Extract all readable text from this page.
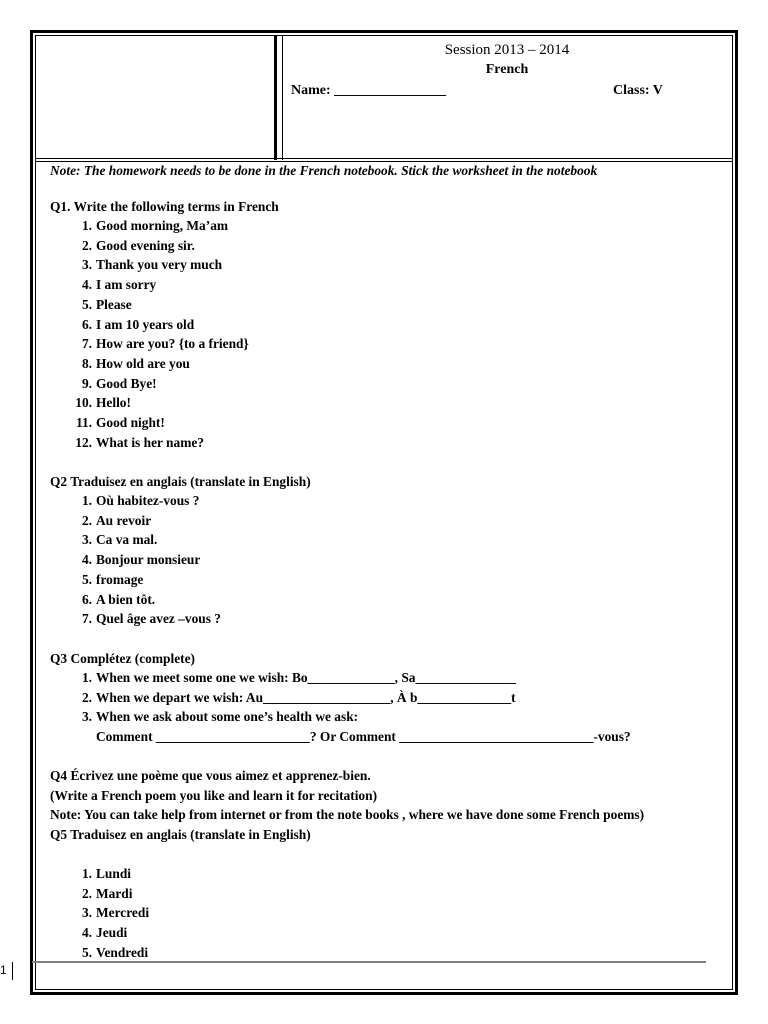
Session 2013 – 2014
French
Name: ________________	Class: V
Note: The homework needs to be done in the French notebook. Stick the worksheet in the notebook
Q1. Write the following terms in French
1. Good morning, Ma’am
2. Good evening sir.
3. Thank you very much
4. I am sorry
5. Please
6. I am 10 years old
7. How are you? {to a friend}
8. How old are you
9. Good Bye!
10. Hello!
11. Good night!
12. What is her name?
Q2 Traduisez en anglais (translate in English)
1. Où habitez-vous ?
2. Au revoir
3. Ca va mal.
4. Bonjour monsieur
5. fromage
6. A bien tôt.
7. Quel âge avez –vous ?
Q3 Complétez (complete)
1. When we meet some one we wish: Bo_____________, Sa_______________
2. When we depart we wish: Au___________________, À b______________t
3. When we ask about some one’s health we ask:
Comment _______________________? Or Comment _____________________________-vous?
Q4 Écrivez une poème que vous aimez et apprenez-bien.
(Write a French poem you like and learn it for recitation)
Note: You can take help from internet or from the note books , where we have done some French poems)
Q5 Traduisez en anglais (translate in English)
1. Lundi
2. Mardi
3. Mercredi
4. Jeudi
5. Vendredi
1
